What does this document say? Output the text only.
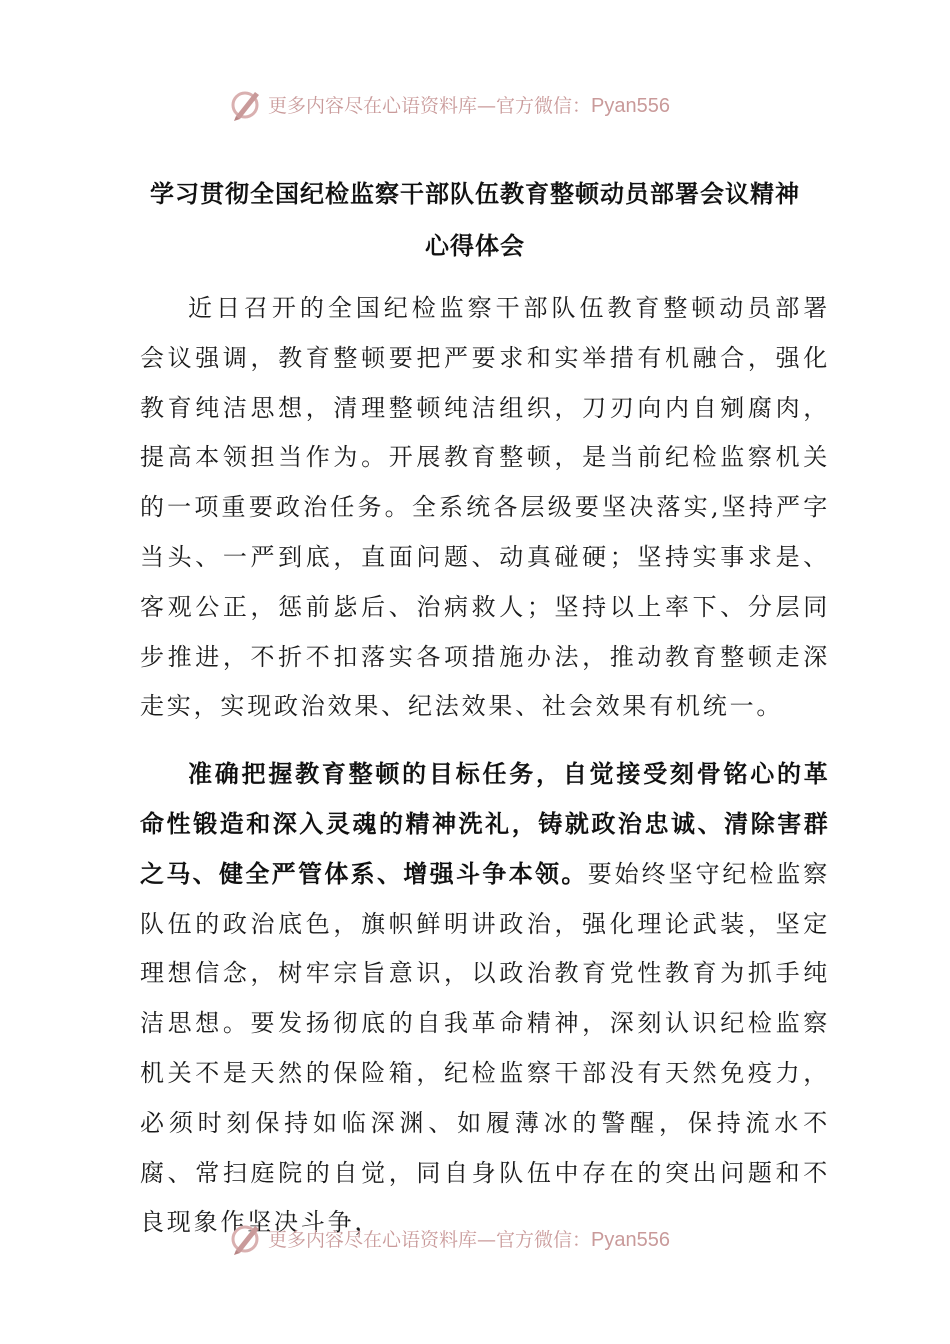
更多内容尽在心语资料库—官方微信：Pyan556
学习贯彻全国纪检监察干部队伍教育整顿动员部署会议精神
心得体会

近日召开的全国纪检监察干部队伍教育整顿动员部署会议强调，教育整顿要把严要求和实举措有机融合，强化教育纯洁思想，清理整顿纯洁组织，刀刃向内自剜腐肉，提高本领担当作为。开展教育整顿，是当前纪检监察机关的一项重要政治任务。全系统各层级要坚决落实,坚持严字当头、一严到底，直面问题、动真碰硬；坚持实事求是、客观公正，惩前毖后、治病救人；坚持以上率下、分层同步推进，不折不扣落实各项措施办法，推动教育整顿走深走实，实现政治效果、纪法效果、社会效果有机统一。

准确把握教育整顿的目标任务，自觉接受刻骨铭心的革命性锻造和深入灵魂的精神洗礼，铸就政治忠诚、清除害群之马、健全严管体系、增强斗争本领。要始终坚守纪检监察队伍的政治底色，旗帜鲜明讲政治，强化理论武装，坚定理想信念，树牢宗旨意识，以政治教育党性教育为抓手纯洁思想。要发扬彻底的自我革命精神，深刻认识纪检监察机关不是天然的保险箱，纪检监察干部没有天然免疫力，必须时刻保持如临深渊、如履薄冰的警醒，保持流水不腐、常扫庭院的自觉，同自身队伍中存在的突出问题和不良现象作坚决斗争，

更多内容尽在心语资料库—官方微信：Pyan556
